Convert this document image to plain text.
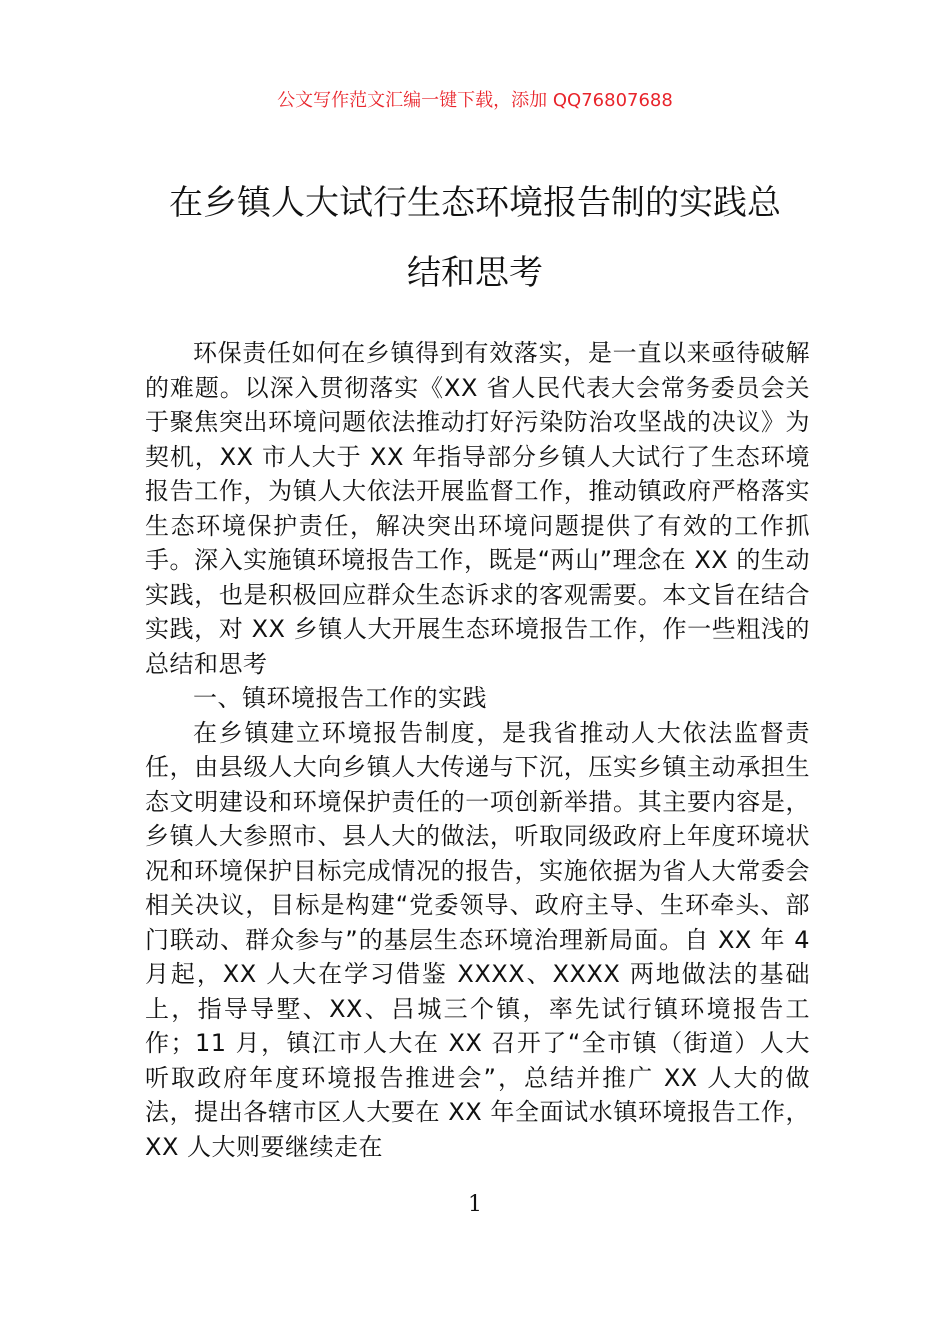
公文写作范文汇编一键下载，添加 QQ76807688
在乡镇人大试行生态环境报告制的实践总
结和思考

环保责任如何在乡镇得到有效落实，是一直以来亟待破解的难题。以深入贯彻落实《XX 省人民代表大会常务委员会关于聚焦突出环境问题依法推动打好污染防治攻坚战的决议》为契机，XX 市人大于 XX 年指导部分乡镇人大试行了生态环境报告工作，为镇人大依法开展监督工作，推动镇政府严格落实生态环境保护责任，解决突出环境问题提供了有效的工作抓手。深入实施镇环境报告工作，既是“两山”理念在 XX 的生动实践，也是积极回应群众生态诉求的客观需要。本文旨在结合实践，对 XX 乡镇人大开展生态环境报告工作，作一些粗浅的总结和思考

一、镇环境报告工作的实践

在乡镇建立环境报告制度，是我省推动人大依法监督责任，由县级人大向乡镇人大传递与下沉，压实乡镇主动承担生态文明建设和环境保护责任的一项创新举措。其主要内容是，乡镇人大参照市、县人大的做法，听取同级政府上年度环境状况和环境保护目标完成情况的报告，实施依据为省人大常委会相关决议，目标是构建“党委领导、政府主导、生环牵头、部门联动、群众参与”的基层生态环境治理新局面。自 XX 年 4 月起，XX 人大在学习借鉴 XXXX、XXXX 两地做法的基础上，指导导墅、XX、吕城三个镇，率先试行镇环境报告工作；11 月，镇江市人大在 XX 召开了“全市镇（街道）人大听取政府年度环境报告推进会”，总结并推广 XX 人大的做法，提出各辖市区人大要在 XX 年全面试水镇环境报告工作，XX 人大则要继续走在

1
